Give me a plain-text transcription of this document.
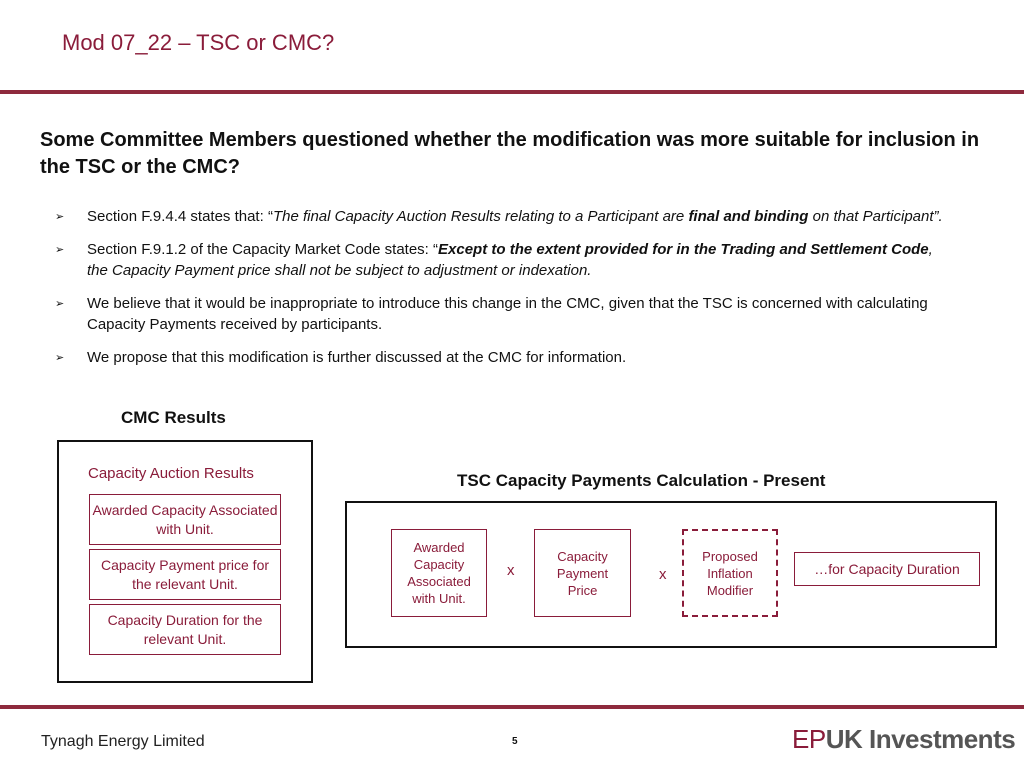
Mod 07_22 – TSC or CMC?
Some Committee Members questioned whether the modification was more suitable for inclusion in the TSC or the CMC?
➢ Section F.9.4.4 states that: “The final Capacity Auction Results relating to a Participant are final and binding on that Participant”.
➢ Section F.9.1.2 of the Capacity Market Code states: “Except to the extent provided for in the Trading and Settlement Code, the Capacity Payment price shall not be subject to adjustment or indexation.
➢ We believe that it would be inappropriate to introduce this change in the CMC, given that the TSC is concerned with calculating Capacity Payments received by participants.
➢ We propose that this modification is further discussed at the CMC for information.
CMC Results
Capacity Auction Results
Awarded Capacity Associated with Unit.
Capacity Payment price for the relevant Unit.
Capacity Duration for the relevant Unit.
TSC Capacity Payments Calculation - Present
Awarded Capacity Associated with Unit.
x
Capacity Payment Price
x
Proposed Inflation Modifier
…for Capacity Duration
Tynagh Energy Limited	5	EPUK Investments
